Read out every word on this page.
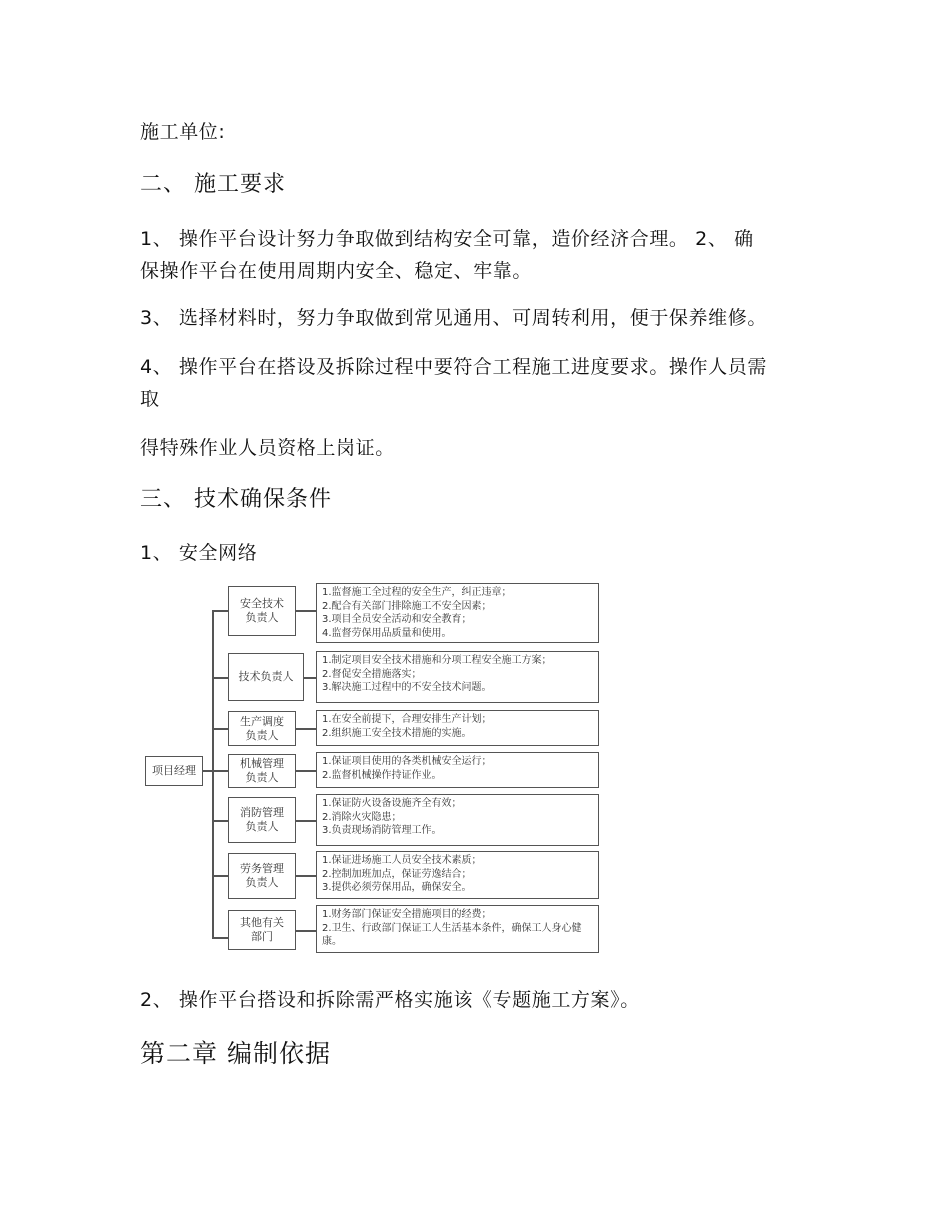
施工单位:
二、 施工要求
1、 操作平台设计努力争取做到结构安全可靠，造价经济合理。 2、 确
保操作平台在使用周期内安全、稳定、牢靠。
3、 选择材料时，努力争取做到常见通用、可周转利用，便于保养维修。
4、 操作平台在搭设及拆除过程中要符合工程施工进度要求。操作人员需
取
得特殊作业人员资格上岗证。
三、 技术确保条件
1、 安全网络
项目经理
安全技术
负责人
1.监督施工全过程的安全生产，纠正违章；
2.配合有关部门排除施工不安全因素；
3.项目全员安全活动和安全教育；
4.监督劳保用品质量和使用。
技术负责人
1.制定项目安全技术措施和分项工程安全施工方案；
2.督促安全措施落实；
3.解决施工过程中的不安全技术问题。
生产调度
负责人
1.在安全前提下，合理安排生产计划；
2.组织施工安全技术措施的实施。
机械管理
负责人
1.保证项目使用的各类机械安全运行；
2.监督机械操作持证作业。
消防管理
负责人
1.保证防火设备设施齐全有效；
2.消除火灾隐患；
3.负责现场消防管理工作。
劳务管理
负责人
1.保证进场施工人员安全技术素质；
2.控制加班加点，保证劳逸结合；
3.提供必须劳保用品，确保安全。
其他有关
部门
1.财务部门保证安全措施项目的经费；
2.卫生、行政部门保证工人生活基本条件，确保工人身心健康。
2、 操作平台搭设和拆除需严格实施该《专题施工方案》。
第二章 编制依据
